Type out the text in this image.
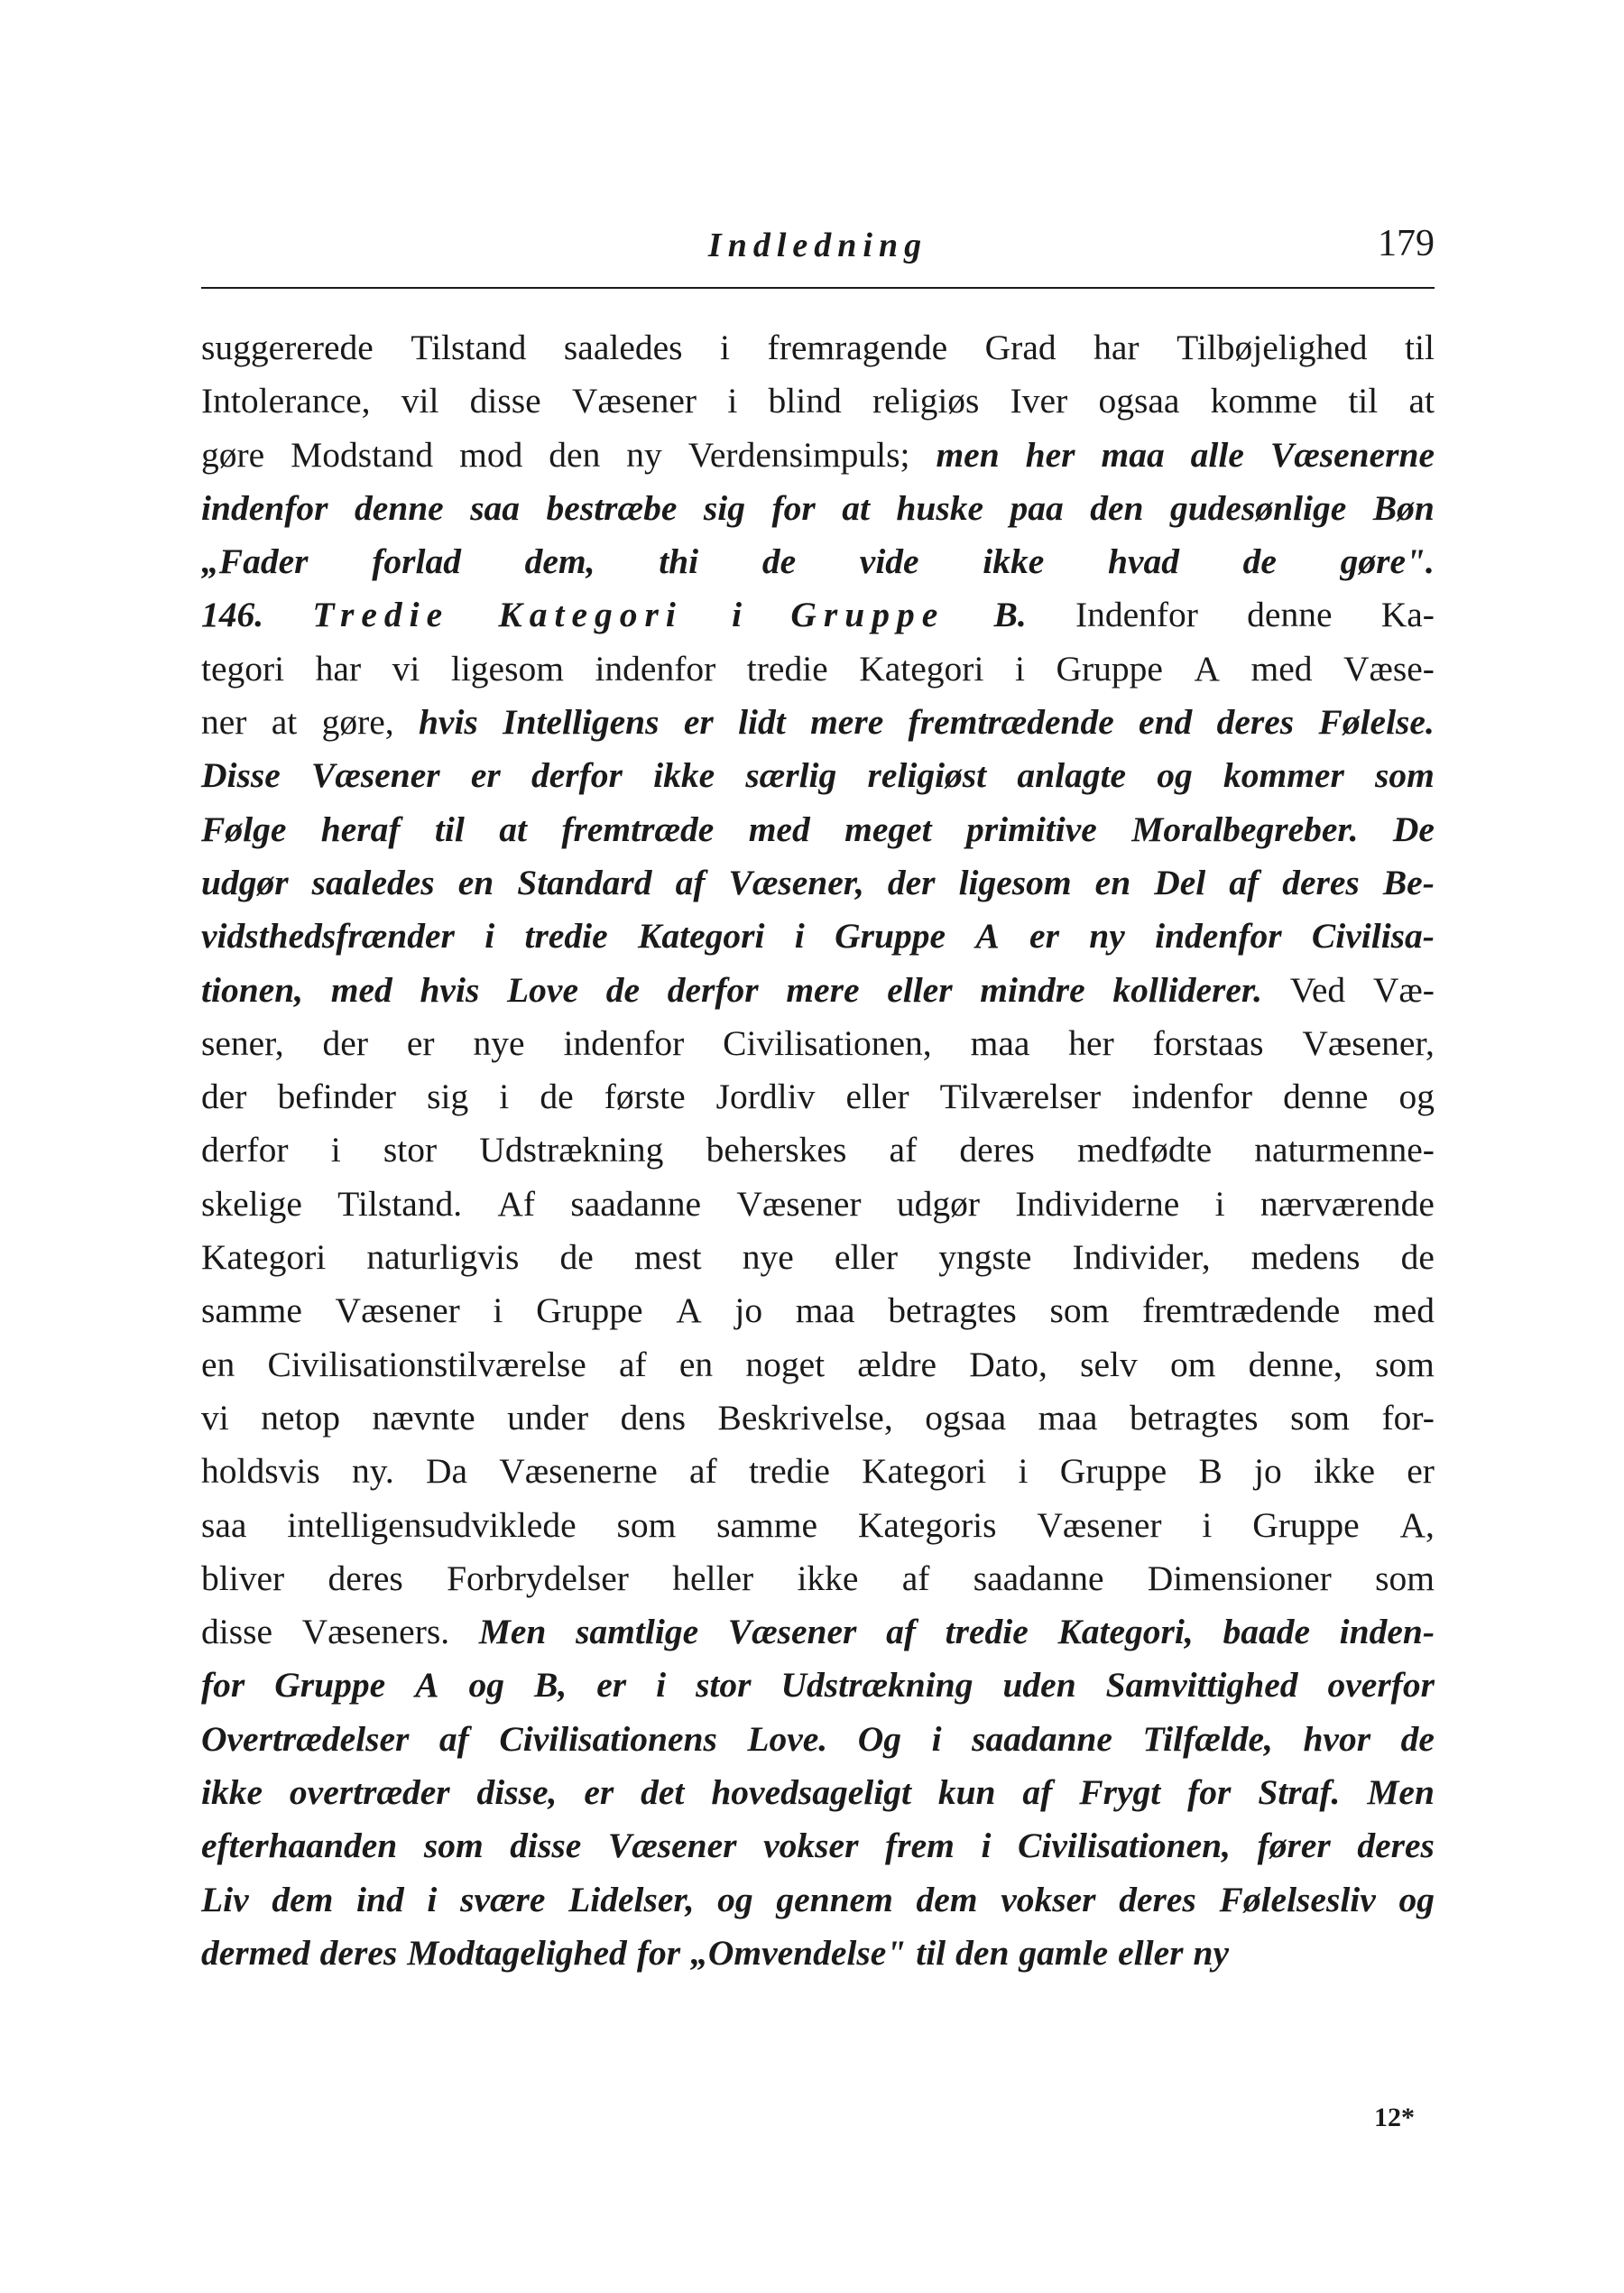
Indledning	179
suggererede Tilstand saaledes i fremragende Grad har Tilbøjelighed til
Intolerance, vil disse Væsener i blind religiøs Iver ogsaa komme til at
gøre Modstand mod den ny Verdensimpuls; men her maa alle Væsenerne
indenfor denne saa bestræbe sig for at huske paa den gudesønlige Bøn
„Fader forlad dem, thi de vide ikke hvad de gøre".
146. Tredie Kategori i Gruppe B. Indenfor denne Ka-
tegori har vi ligesom indenfor tredie Kategori i Gruppe A med Væse-
ner at gøre, hvis Intelligens er lidt mere fremtrædende end deres Følelse.
Disse Væsener er derfor ikke særlig religiøst anlagte og kommer som
Følge heraf til at fremtræde med meget primitive Moralbegreber. De
udgør saaledes en Standard af Væsener, der ligesom en Del af deres Be-
vidsthedsfrænder i tredie Kategori i Gruppe A er ny indenfor Civilisa-
tionen, med hvis Love de derfor mere eller mindre kolliderer. Ved Væ-
sener, der er nye indenfor Civilisationen, maa her forstaas Væsener,
der befinder sig i de første Jordliv eller Tilværelser indenfor denne og
derfor i stor Udstrækning beherskes af deres medfødte naturmenne-
skelige Tilstand. Af saadanne Væsener udgør Individerne i nærværende
Kategori naturligvis de mest nye eller yngste Individer, medens de
samme Væsener i Gruppe A jo maa betragtes som fremtrædende med
en Civilisationstilværelse af en noget ældre Dato, selv om denne, som
vi netop nævnte under dens Beskrivelse, ogsaa maa betragtes som for-
holdsvis ny. Da Væsenerne af tredie Kategori i Gruppe B jo ikke er
saa intelligensudviklede som samme Kategoris Væsener i Gruppe A,
bliver deres Forbrydelser heller ikke af saadanne Dimensioner som
disse Væseners. Men samtlige Væsener af tredie Kategori, baade inden-
for Gruppe A og B, er i stor Udstrækning uden Samvittighed overfor
Overtrædelser af Civilisationens Love. Og i saadanne Tilfælde, hvor de
ikke overtræder disse, er det hovedsageligt kun af Frygt for Straf. Men
efterhaanden som disse Væsener vokser frem i Civilisationen, fører deres
Liv dem ind i svære Lidelser, og gennem dem vokser deres Følelsesliv og
dermed deres Modtagelighed for „Omvendelse" til den gamle eller ny
12*
